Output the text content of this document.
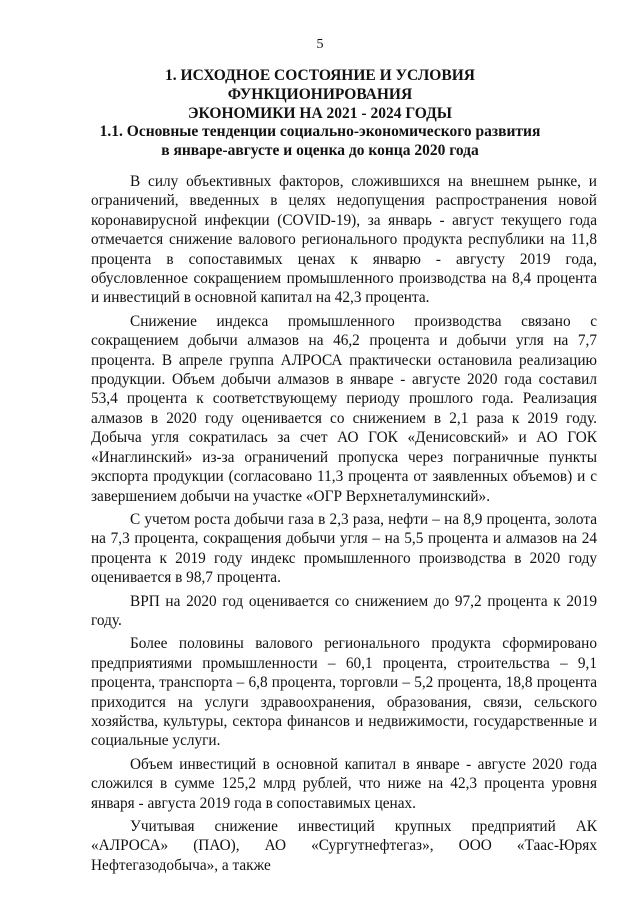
5
1. ИСХОДНОЕ СОСТОЯНИЕ И УСЛОВИЯ ФУНКЦИОНИРОВАНИЯ
ЭКОНОМИКИ НА 2021 - 2024 ГОДЫ
1.1. Основные тенденции социально-экономического развития
в январе-августе и оценка до конца 2020 года

В силу объективных факторов, сложившихся на внешнем рынке, и ограничений, введенных в целях недопущения распространения новой коронавирусной инфекции (COVID-19), за январь - август текущего года отмечается снижение валового регионального продукта республики на 11,8 процента в сопоставимых ценах к январю - августу 2019 года, обусловленное сокращением промышленного производства на 8,4 процента и инвестиций в основной капитал на 42,3 процента.

Снижение индекса промышленного производства связано с сокращением добычи алмазов на 46,2 процента и добычи угля на 7,7 процента. В апреле группа АЛРОСА практически остановила реализацию продукции. Объем добычи алмазов в январе - августе 2020 года составил 53,4 процента к соответствующему периоду прошлого года. Реализация алмазов в 2020 году оценивается со снижением в 2,1 раза к 2019 году. Добыча угля сократилась за счет АО ГОК «Денисовский» и АО ГОК «Инаглинский» из-за ограничений пропуска через пограничные пункты экспорта продукции (согласовано 11,3 процента от заявленных объемов) и с завершением добычи на участке «ОГР Верхнеталуминский».

С учетом роста добычи газа в 2,3 раза, нефти – на 8,9 процента, золота на 7,3 процента, сокращения добычи угля – на 5,5 процента и алмазов на 24 процента к 2019 году индекс промышленного производства в 2020 году оценивается в 98,7 процента.

ВРП на 2020 год оценивается со снижением до 97,2 процента к 2019 году.

Более половины валового регионального продукта сформировано предприятиями промышленности – 60,1 процента, строительства – 9,1 процента, транспорта – 6,8 процента, торговли – 5,2 процента, 18,8 процента приходится на услуги здравоохранения, образования, связи, сельского хозяйства, культуры, сектора финансов и недвижимости, государственные и социальные услуги.

Объем инвестиций в основной капитал в январе - августе 2020 года сложился в сумме 125,2 млрд рублей, что ниже на 42,3 процента уровня января - августа 2019 года в сопоставимых ценах.

Учитывая снижение инвестиций крупных предприятий АК «АЛРОСА» (ПАО), АО «Сургутнефтегаз», ООО «Таас-Юрях Нефтегазодобыча», а также
